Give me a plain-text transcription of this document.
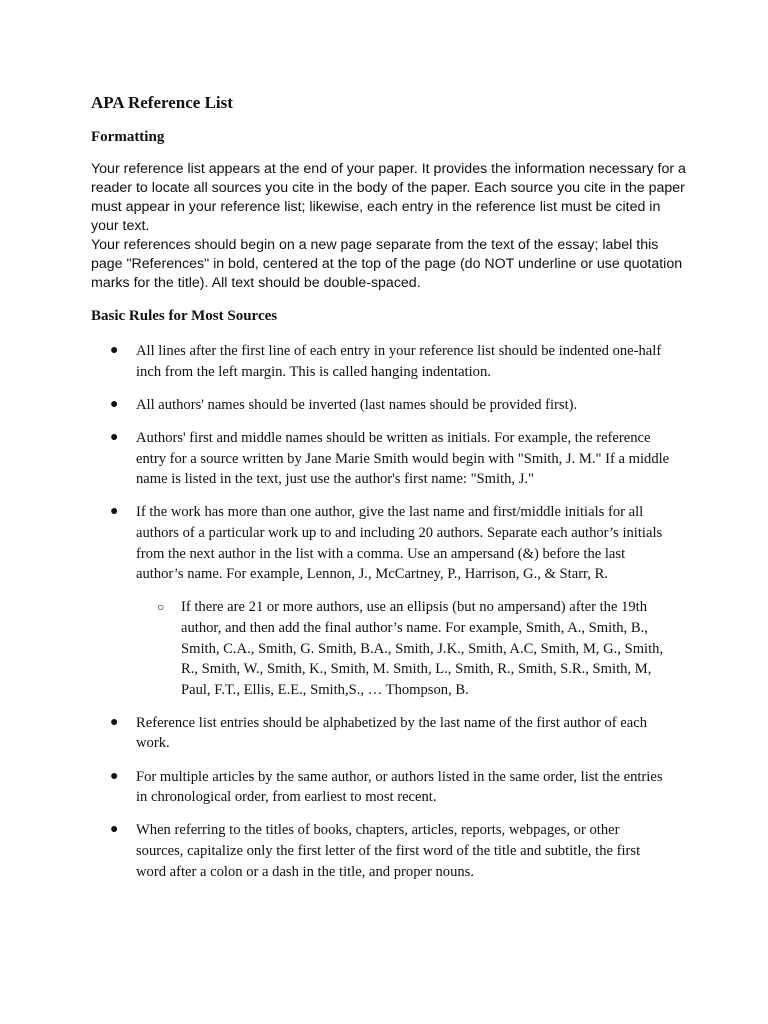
APA Reference List
Formatting

Your reference list appears at the end of your paper. It provides the information necessary for a reader to locate all sources you cite in the body of the paper. Each source you cite in the paper must appear in your reference list; likewise, each entry in the reference list must be cited in your text.

Your references should begin on a new page separate from the text of the essay; label this page "References" in bold, centered at the top of the page (do NOT underline or use quotation marks for the title). All text should be double-spaced.

Basic Rules for Most Sources
● All lines after the first line of each entry in your reference list should be indented one-half inch from the left margin. This is called hanging indentation.
● All authors' names should be inverted (last names should be provided first).
● Authors' first and middle names should be written as initials. For example, the reference entry for a source written by Jane Marie Smith would begin with "Smith, J. M." If a middle name is listed in the text, just use the author's first name: "Smith, J."
● If the work has more than one author, give the last name and first/middle initials for all authors of a particular work up to and including 20 authors. Separate each author’s initials from the next author in the list with a comma. Use an ampersand (&) before the last author’s name. For example, Lennon, J., McCartney, P., Harrison, G., & Starr, R.
○ If there are 21 or more authors, use an ellipsis (but no ampersand) after the 19th author, and then add the final author’s name. For example, Smith, A., Smith, B., Smith, C.A., Smith, G. Smith, B.A., Smith, J.K., Smith, A.C, Smith, M, G., Smith, R., Smith, W., Smith, K., Smith, M. Smith, L., Smith, R., Smith, S.R., Smith, M, Paul, F.T., Ellis, E.E., Smith,S., … Thompson, B.
● Reference list entries should be alphabetized by the last name of the first author of each work.
● For multiple articles by the same author, or authors listed in the same order, list the entries in chronological order, from earliest to most recent.
● When referring to the titles of books, chapters, articles, reports, webpages, or other sources, capitalize only the first letter of the first word of the title and subtitle, the first word after a colon or a dash in the title, and proper nouns.
